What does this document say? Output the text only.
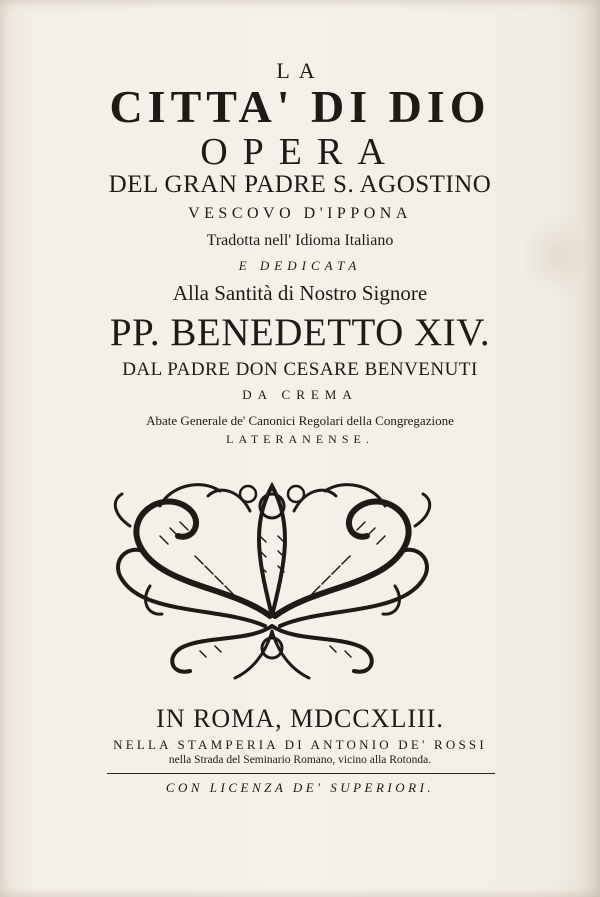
LA
CITTA' DI DIO
OPERA
DEL GRAN PADRE S. AGOSTINO
VESCOVO D'IPPONA
Tradotta nell' Idioma Italiano
E DEDICATA
Alla Santità di Nostro Signore
PP. BENEDETTO XIV.
DAL PADRE DON CESARE BENVENUTI
DA CREMA
Abate Generale de' Canonici Regolari della Congregazione
LATERANENSE.
IN ROMA, MDCCXLIII.
NELLA STAMPERIA DI ANTONIO DE' ROSSI
nella Strada del Seminario Romano, vicino alla Rotonda.
CON LICENZA DE' SUPERIORI.
